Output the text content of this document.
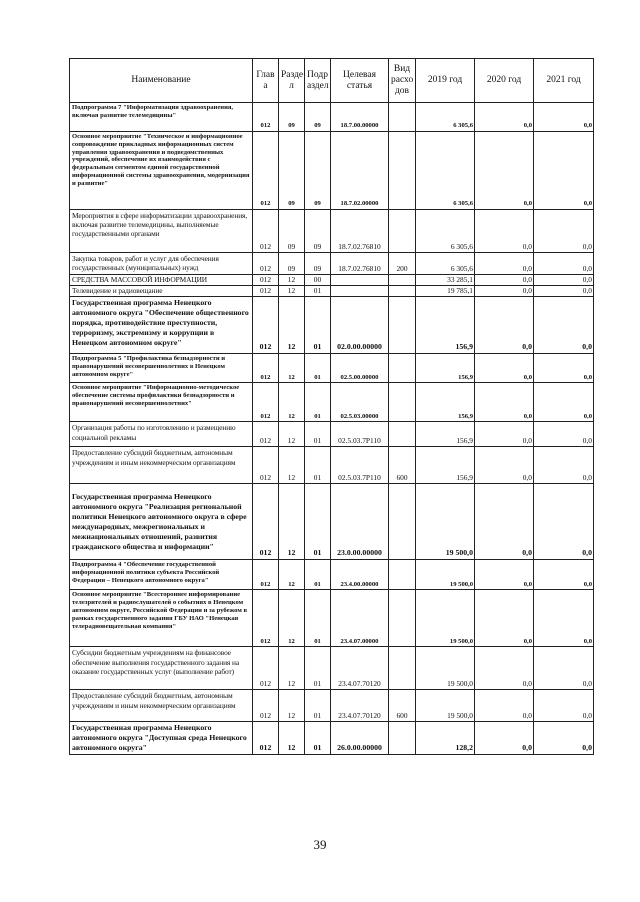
Наименование	Глав а	Разде л	Подр аздел	Целевая статья	Вид расхо дов	2019 год	2020 год	2021 год
Подпрограмма 7 "Информатизация здравоохранения, включая развитие телемедицины"	012	09	09	18.7.00.00000		6 305,6	0,0	0,0
Основное мероприятие "Техническое и информационное сопровождение прикладных информационных систем управления здравоохранения и подведомственных учреждений, обеспечение их взаимодействия с федеральным сегментом единой государственной информационной системы здравоохранения, модернизация и развитие"	012	09	09	18.7.02.00000		6 305,6	0,0	0,0
Мероприятия в сфере информатизации здравоохранения, включая развитие телемедицины, выполняемые государственными органами	012	09	09	18.7.02.76810		6 305,6	0,0	0,0
Закупка товаров, работ и услуг для обеспечения государственных (муниципальных) нужд	012	09	09	18.7.02.76810	200	6 305,6	0,0	0,0
СРЕДСТВА МАССОВОЙ ИНФОРМАЦИИ	012	12	00			33 285,1	0,0	0,0
Телевидение и радиовещание	012	12	01			19 785,1	0,0	0,0
Государственная программа Ненецкого автономного округа "Обеспечение общественного порядка, противодействие преступности, терроризму, экстремизму и коррупции в Ненецком автономном округе"	012	12	01	02.0.00.00000		156,9	0,0	0,0
Подпрограмма 5 "Профилактика безнадзорности и правонарушений несовершеннолетних в Ненецком автономном округе"	012	12	01	02.5.00.00000		156,9	0,0	0,0
Основное мероприятие "Информационно-методическое обеспечение системы профилактики безнадзорности и правонарушений несовершеннолетних"	012	12	01	02.5.03.00000		156,9	0,0	0,0
Организация работы по изготовлению и размещению социальной рекламы	012	12	01	02.5.03.7Р110		156,9	0,0	0,0
Предоставление субсидий бюджетным, автономным учреждениям и иным некоммерческим организациям	012	12	01	02.5.03.7Р110	600	156,9	0,0	0,0
Государственная программа Ненецкого автономного округа "Реализация региональной политики Ненецкого автономного округа в сфере международных, межрегиональных и межнациональных отношений, развития гражданского общества и информации"	012	12	01	23.0.00.00000		19 500,0	0,0	0,0
Подпрограмма 4 "Обеспечение государственной информационной политики субъекта Российской Федерации – Ненецкого автономного округа"	012	12	01	23.4.00.00000		19 500,0	0,0	0,0
Основное мероприятие "Всестороннее информирование телезрителей и радиослушателей о событиях в Ненецком автономном округе, Российской Федерации и за рубежом в рамках государственного задания ГБУ НАО "Ненецкая телерадиовещательная компания"	012	12	01	23.4.07.00000		19 500,0	0,0	0,0
Субсидии бюджетным учреждениям на финансовое обеспечение выполнения государственного задания на оказание государственных услуг (выполнение работ)	012	12	01	23.4.07.70120		19 500,0	0,0	0,0
Предоставление субсидий бюджетным, автономным учреждениям и иным некоммерческим организациям	012	12	01	23.4.07.70120	600	19 500,0	0,0	0,0
Государственная программа Ненецкого автономного округа "Доступная среда Ненецкого автономного округа"	012	12	01	26.0.00.00000		128,2	0,0	0,0
39
